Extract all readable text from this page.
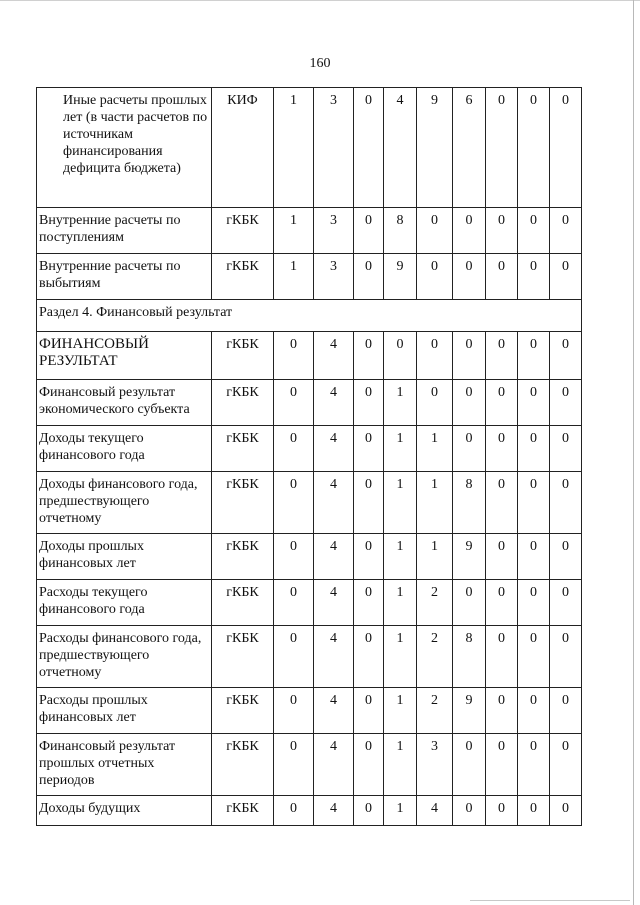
160
Иные расчеты прошлых лет (в части расчетов по источникам финансирования дефицита бюджета)	КИФ	1	3	0	4	9	6	0	0	0
Внутренние расчеты по поступлениям	гКБК	1	3	0	8	0	0	0	0	0
Внутренние расчеты по выбытиям	гКБК	1	3	0	9	0	0	0	0	0
Раздел 4. Финансовый результат										
ФИНАНСОВЫЙ РЕЗУЛЬТАТ	гКБК	0	4	0	0	0	0	0	0	0
Финансовый результат экономического субъекта	гКБК	0	4	0	1	0	0	0	0	0
Доходы текущего финансового года	гКБК	0	4	0	1	1	0	0	0	0
Доходы финансового года, предшествующего отчетному	гКБК	0	4	0	1	1	8	0	0	0
Доходы прошлых финансовых лет	гКБК	0	4	0	1	1	9	0	0	0
Расходы текущего финансового года	гКБК	0	4	0	1	2	0	0	0	0
Расходы финансового года, предшествующего отчетному	гКБК	0	4	0	1	2	8	0	0	0
Расходы прошлых финансовых лет	гКБК	0	4	0	1	2	9	0	0	0
Финансовый результат прошлых отчетных периодов	гКБК	0	4	0	1	3	0	0	0	0
Доходы будущих	гКБК	0	4	0	1	4	0	0	0	0
